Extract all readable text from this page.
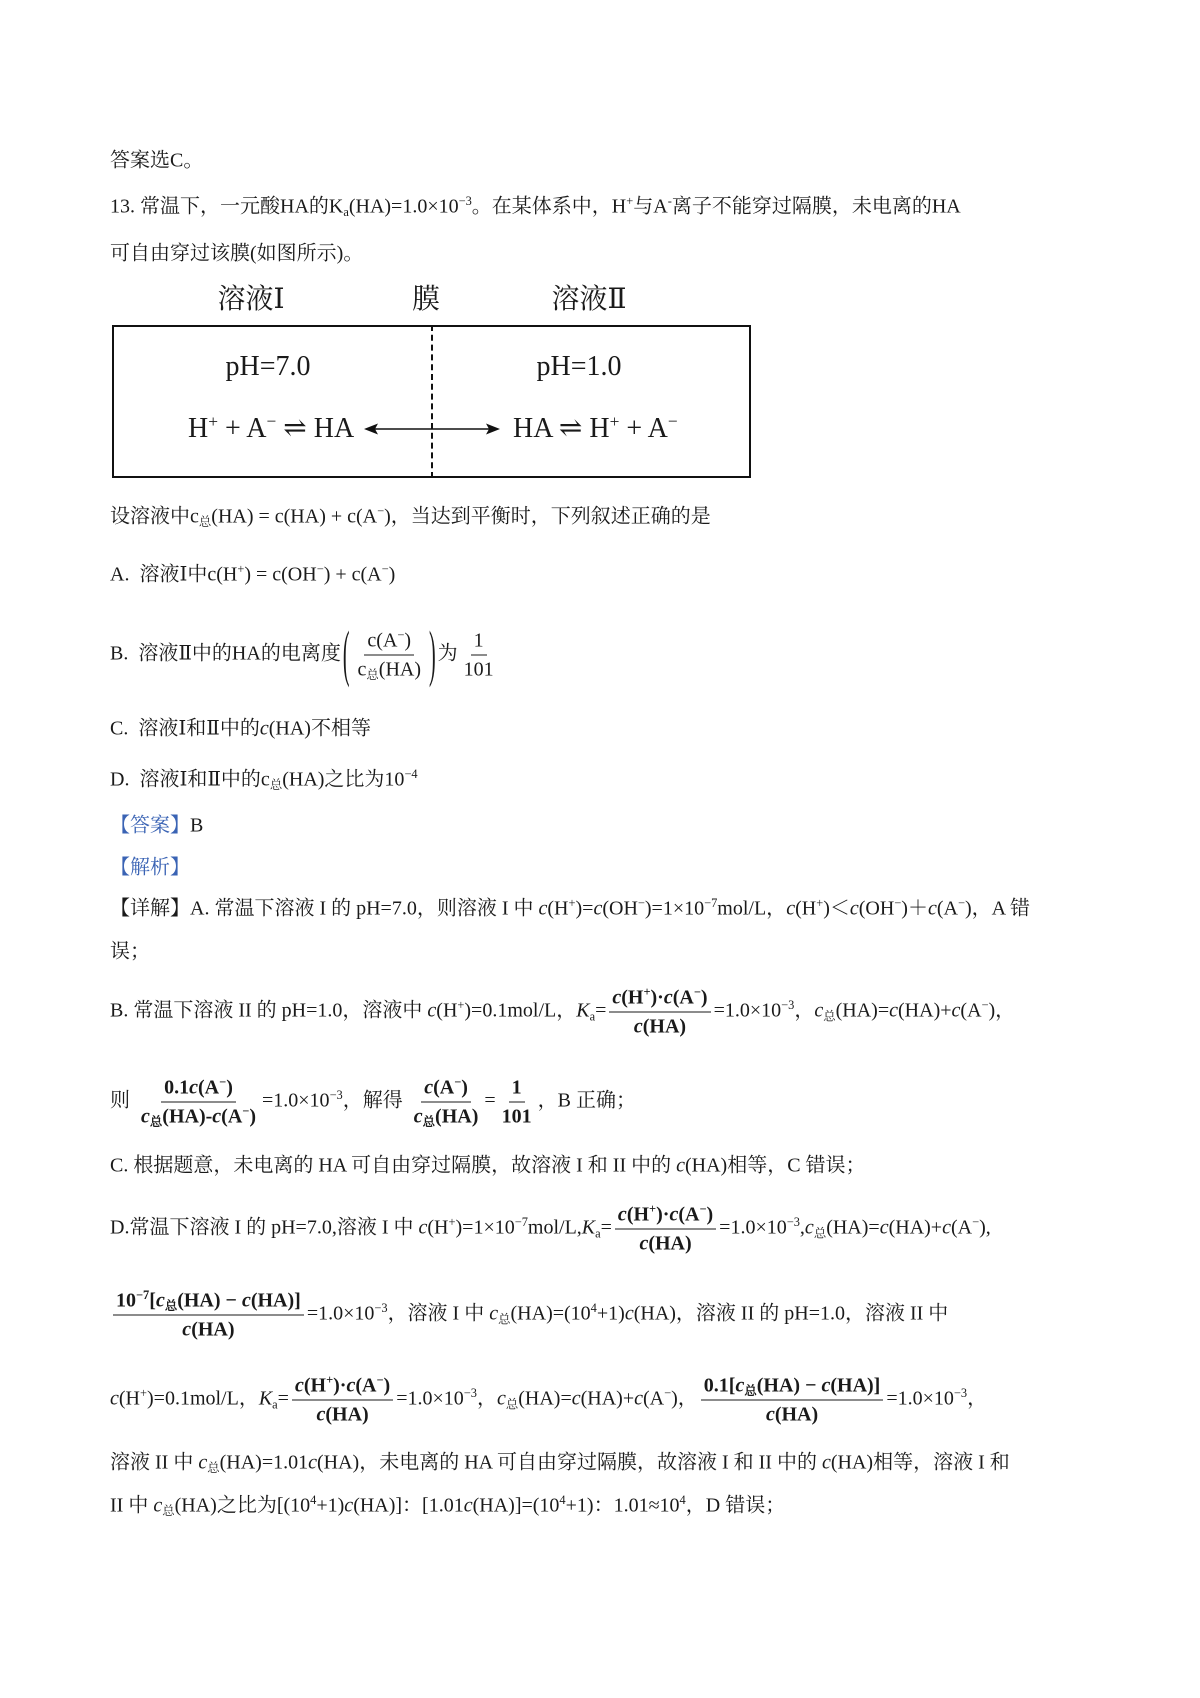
答案选C。
13. 常温下，一元酸HA的$K_a(HA)=1.0\times 10^{-3}$。在某体系中，H+与A-离子不能穿过隔膜，未电离的HA
可自由穿过该膜(如图所示)。
溶液Ⅰ	膜	溶液Ⅱ
pH=7.0	pH=1.0
H+ + A− ⇌ HA	HA ⇌ H+ + A−
设溶液中$c_总(HA) = c(HA) + c(A^-)$，当达到平衡时，下列叙述正确的是
A.  溶液Ⅰ中c(H+) = c(OH−) + c(A−)
B.  溶液Ⅱ中的HA的电离度 ( $\frac{c(A^-)}{c_总(HA)}$ ) 为 $\frac{1}{101}$
C.  溶液Ⅰ和Ⅱ中的c(HA)不相等
D.  溶液Ⅰ和Ⅱ中的$c_总(HA)$之比为$10^{-4}$
【答案】B
【解析】
【详解】A. 常温下溶液 I 的 pH=7.0，则溶液 I 中 $c(H^+)=c(OH^-)=1\times 10^{-7}mol/L$，c(H+)＜c(OH−)＋c(A−)，A 错
误；
B. 常温下溶液 II 的 pH=1.0，溶液中 c(H+)=0.1mol/L，$K_a= \frac{c(H^+)\cdot c(A^-)}{c(HA)} =1.0\times 10^{-3}$，$c_总(HA)=c(HA)+c(A^-)$，
则 $\frac{0.1c(A^-)}{c_总(HA)-c(A^-)} =1.0\times 10^{-3}$，解得 $\frac{c(A^-)}{c_总(HA)} = \frac{1}{101}$ ，B 正确；
C. 根据题意，未电离的 HA 可自由穿过隔膜，故溶液 I 和 II 中的 c(HA)相等，C 错误；
D.常温下溶液 I 的 pH=7.0,溶液 I 中 $c(H^+)=1\times 10^{-7}mol/L,K_a= \frac{c(H^+)\cdot c(A^-)}{c(HA)} =1.0\times 10^{-3},c_总(HA)=c(HA)+c(A^-)$,
$\frac{10^{-7}[c_总(HA) - c(HA)]}{c(HA)} =1.0\times 10^{-3}$，溶液 I 中 $c_总(HA)=(10^4+1)c(HA)$，溶液 II 的 pH=1.0，溶液 II 中
c(H+)=0.1mol/L，$K_a= \frac{c(H^+)\cdot c(A^-)}{c(HA)} =1.0\times 10^{-3}$，$c_总(HA)=c(HA)+c(A^-)$， $\frac{0.1[c_总(HA) - c(HA)]}{c(HA)} =1.0\times 10^{-3}$，
溶液 II 中 $c_总(HA)=1.01c(HA)$，未电离的 HA 可自由穿过隔膜，故溶液 I 和 II 中的 c(HA)相等，溶液 I 和
II 中 $c_总(HA)$之比为$[(10^4+1)c(HA)]$：$[1.01c(HA)]=(10^4+1)$：$1.01\approx 10^4$，D 错误；
